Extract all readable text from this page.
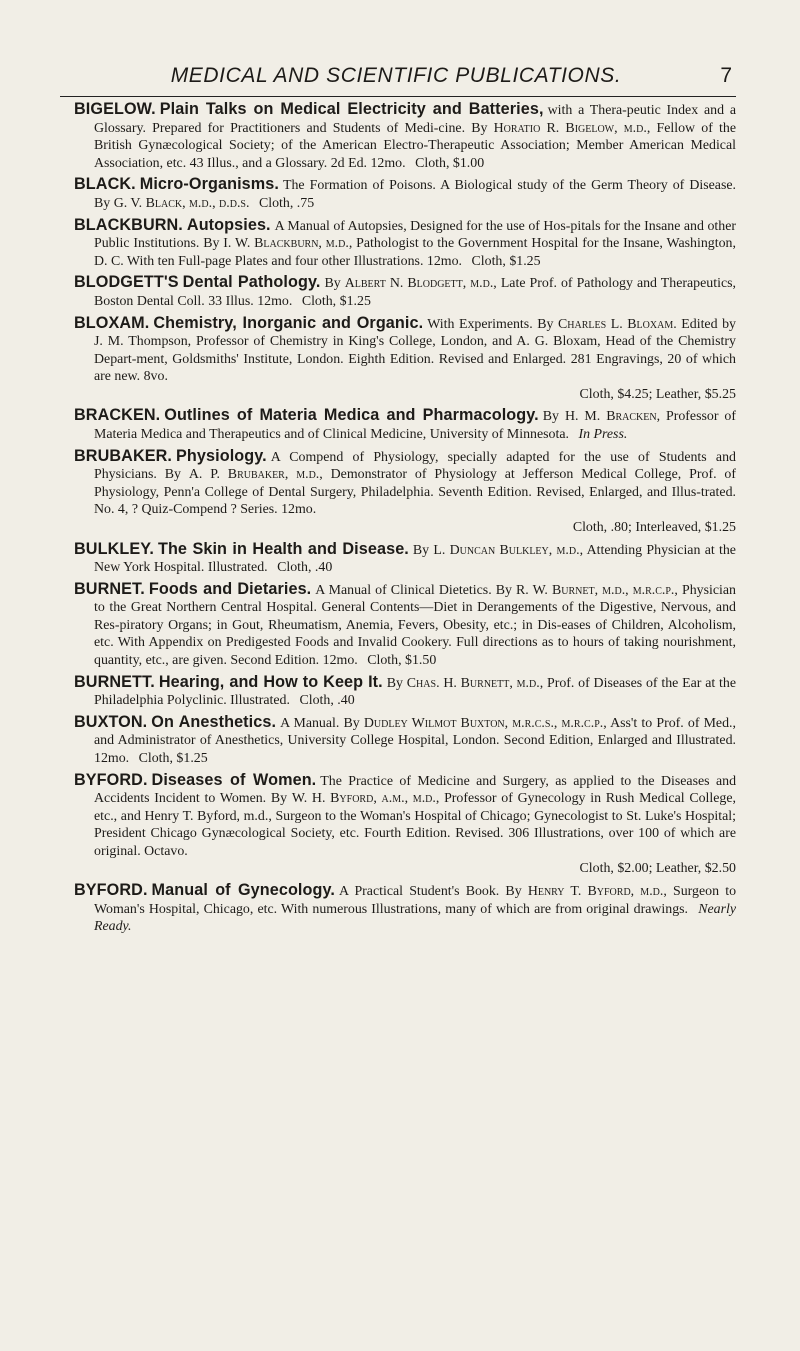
MEDICAL AND SCIENTIFIC PUBLICATIONS.	7
BIGELOW. Plain Talks on Medical Electricity and Batteries, with a Thera-peutic Index and a Glossary. Prepared for Practitioners and Students of Medi-cine. By Horatio R. Bigelow, m.d., Fellow of the British Gynæcological Society; of the American Electro-Therapeutic Association; Member American Medical Association, etc. 43 Illus., and a Glossary. 2d Ed. 12mo. Cloth, $1.00
BLACK. Micro-Organisms. The Formation of Poisons. A Biological study of the Germ Theory of Disease. By G. V. Black, m.d., d.d.s. Cloth, .75
BLACKBURN. Autopsies. A Manual of Autopsies, Designed for the use of Hos-pitals for the Insane and other Public Institutions. By I. W. Blackburn, m.d., Pathologist to the Government Hospital for the Insane, Washington, D. C. With ten Full-page Plates and four other Illustrations. 12mo. Cloth, $1.25
BLODGETT'S Dental Pathology. By Albert N. Blodgett, m.d., Late Prof. of Pathology and Therapeutics, Boston Dental Coll. 33 Illus. 12mo. Cloth, $1.25
BLOXAM. Chemistry, Inorganic and Organic. With Experiments. By Charles L. Bloxam. Edited by J. M. Thompson, Professor of Chemistry in King's College, London, and A. G. Bloxam, Head of the Chemistry Depart-ment, Goldsmiths' Institute, London. Eighth Edition. Revised and Enlarged. 281 Engravings, 20 of which are new. 8vo.
Cloth, $4.25; Leather, $5.25
BRACKEN. Outlines of Materia Medica and Pharmacology. By H. M. Bracken, Professor of Materia Medica and Therapeutics and of Clinical Medicine, University of Minnesota. In Press.
BRUBAKER. Physiology. A Compend of Physiology, specially adapted for the use of Students and Physicians. By A. P. Brubaker, m.d., Demonstrator of Physiology at Jefferson Medical College, Prof. of Physiology, Penn'a College of Dental Surgery, Philadelphia. Seventh Edition. Revised, Enlarged, and Illus-trated. No. 4, ? Quiz-Compend ? Series. 12mo.
Cloth, .80; Interleaved, $1.25
BULKLEY. The Skin in Health and Disease. By L. Duncan Bulkley, m.d., Attending Physician at the New York Hospital. Illustrated. Cloth, .40
BURNET. Foods and Dietaries. A Manual of Clinical Dietetics. By R. W. Burnet, m.d., m.r.c.p., Physician to the Great Northern Central Hospital. General Contents—Diet in Derangements of the Digestive, Nervous, and Res-piratory Organs; in Gout, Rheumatism, Anemia, Fevers, Obesity, etc.; in Dis-eases of Children, Alcoholism, etc. With Appendix on Predigested Foods and Invalid Cookery. Full directions as to hours of taking nourishment, quantity, etc., are given. Second Edition. 12mo. Cloth, $1.50
BURNETT. Hearing, and How to Keep It. By Chas. H. Burnett, m.d., Prof. of Diseases of the Ear at the Philadelphia Polyclinic. Illustrated. Cloth, .40
BUXTON. On Anesthetics. A Manual. By Dudley Wilmot Buxton, m.r.c.s., m.r.c.p., Ass't to Prof. of Med., and Administrator of Anesthetics, University College Hospital, London. Second Edition, Enlarged and Illustrated. 12mo. Cloth, $1.25
BYFORD. Diseases of Women. The Practice of Medicine and Surgery, as applied to the Diseases and Accidents Incident to Women. By W. H. Byford, a.m., m.d., Professor of Gynecology in Rush Medical College, etc., and Henry T. Byford, m.d., Surgeon to the Woman's Hospital of Chicago; Gynecologist to St. Luke's Hospital; President Chicago Gynæcological Society, etc. Fourth Edition. Revised. 306 Illustrations, over 100 of which are original. Octavo.
Cloth, $2.00; Leather, $2.50
BYFORD. Manual of Gynecology. A Practical Student's Book. By Henry T. Byford, m.d., Surgeon to Woman's Hospital, Chicago, etc. With numerous Illustrations, many of which are from original drawings. Nearly Ready.
